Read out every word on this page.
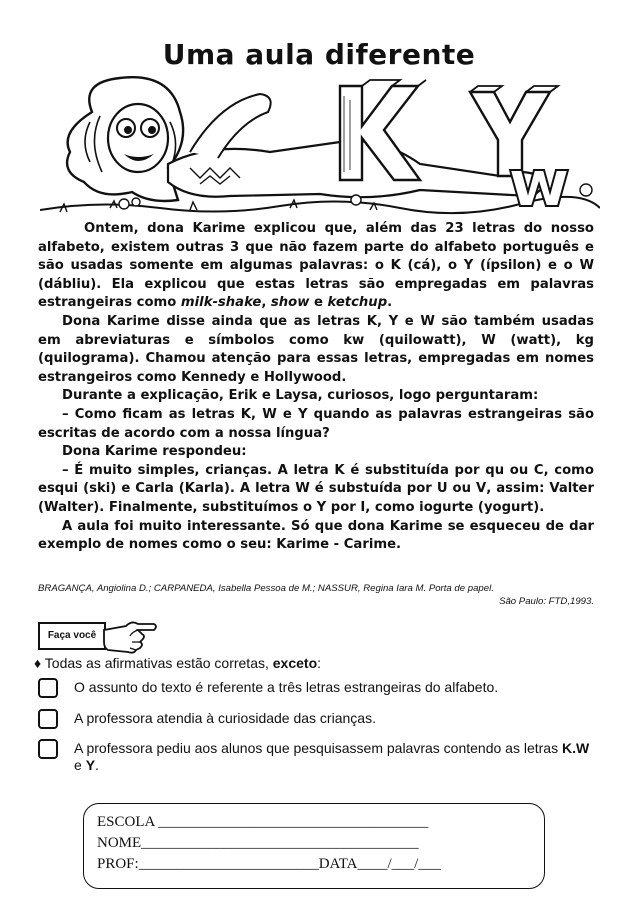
Uma aula diferente

Ontem, dona Karime explicou que, além das 23 letras do nosso alfabeto, existem outras 3 que não fazem parte do alfabeto português e são usadas somente em algumas palavras: o K (cá), o Y (ípsilon) e o W (dábliu). Ela explicou que estas letras são empregadas em palavras estrangeiras como milk-shake, show e ketchup.

Dona Karime disse ainda que as letras K, Y e W são também usadas em abreviaturas e símbolos como kw (quilowatt), W (watt), kg (quilograma). Chamou atenção para essas letras, empregadas em nomes estrangeiros como Kennedy e Hollywood.

Durante a explicação, Erik e Laysa, curiosos, logo perguntaram:

– Como ficam as letras K, W e Y quando as palavras estrangeiras são escritas de acordo com a nossa língua?

Dona Karime respondeu:

– É muito simples, crianças. A letra K é substituída por qu ou C, como esqui (ski) e Carla (Karla). A letra W é substuída por U ou V, assim: Valter (Walter). Finalmente, substituímos o Y por I, como iogurte (yogurt).

A aula foi muito interessante. Só que dona Karime se esqueceu de dar exemplo de nomes como o seu: Karime - Carime.

BRAGANÇA, Angiolina D.; CARPANEDA, Isabella Pessoa de M.; NASSUR, Regina Iara M. Porta de papel.
São Paulo: FTD,1993.
Faça você
♦ Todas as afirmativas estão corretas, exceto:
O assunto do texto é referente a três letras estrangeiras do alfabeto.
A professora atendia à curiosidade das crianças.
A professora pediu aos alunos que pesquisassem palavras contendo as letras K.W e Y.
ESCOLA ____________________________________
NOME_____________________________________
PROF:________________________DATA____/___/___
